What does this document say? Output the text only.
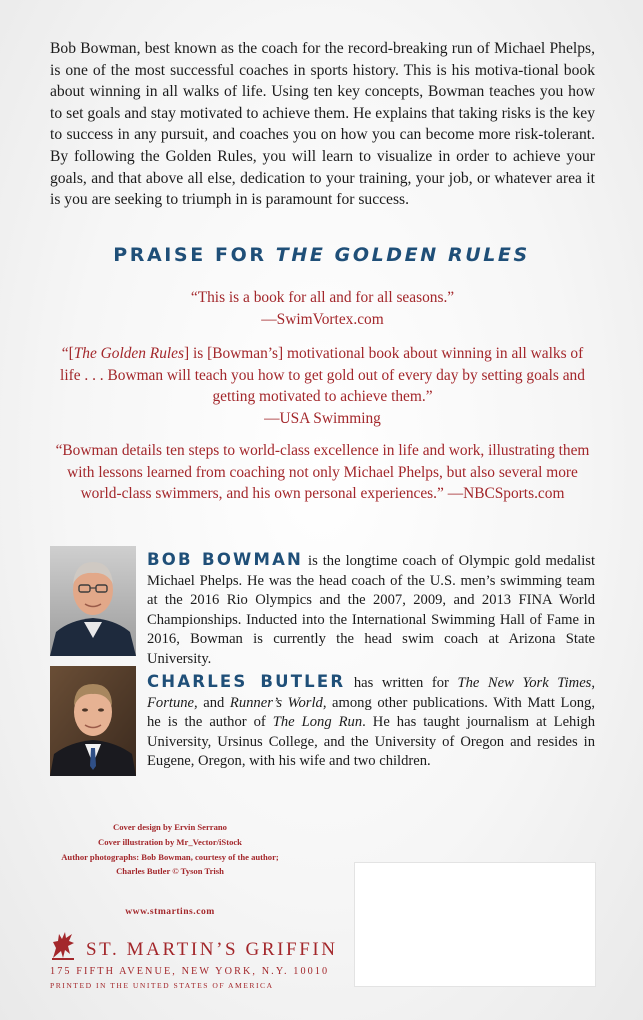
Bob Bowman, best known as the coach for the record-breaking run of Michael Phelps, is one of the most successful coaches in sports history. This is his motiva-tional book about winning in all walks of life. Using ten key concepts, Bowman teaches you how to set goals and stay motivated to achieve them. He explains that taking risks is the key to success in any pursuit, and coaches you on how you can become more risk-tolerant. By following the Golden Rules, you will learn to visualize in order to achieve your goals, and that above all else, dedication to your training, your job, or whatever area it is you are seeking to triumph in is paramount for success.
PRAISE FOR THE GOLDEN RULES
“This is a book for all and for all seasons.”
—SwimVortex.com
“[The Golden Rules] is [Bowman’s] motivational book about winning in all walks of life . . . Bowman will teach you how to get gold out of every day by setting goals and getting motivated to achieve them.”
—USA Swimming
“Bowman details ten steps to world-class excellence in life and work, illustrating them with lessons learned from coaching not only Michael Phelps, but also several more world-class swimmers, and his own personal experiences.” —NBCSports.com
BOB BOWMAN is the longtime coach of Olympic gold medalist Michael Phelps. He was the head coach of the U.S. men’s swimming team at the 2016 Rio Olympics and the 2007, 2009, and 2013 FINA World Championships. Inducted into the International Swimming Hall of Fame in 2016, Bowman is currently the head swim coach at Arizona State University.
CHARLES BUTLER has written for The New York Times, Fortune, and Runner’s World, among other publications. With Matt Long, he is the author of The Long Run. He has taught journalism at Lehigh University, Ursinus College, and the University of Oregon and resides in Eugene, Oregon, with his wife and two children.
Cover design by Ervin Serrano
Cover illustration by Mr_Vector/iStock
Author photographs: Bob Bowman, courtesy of the author;
Charles Butler © Tyson Trish
www.stmartins.com
ST. MARTIN’S GRIFFIN
175 FIFTH AVENUE, NEW YORK, N.Y. 10010
PRINTED IN THE UNITED STATES OF AMERICA
